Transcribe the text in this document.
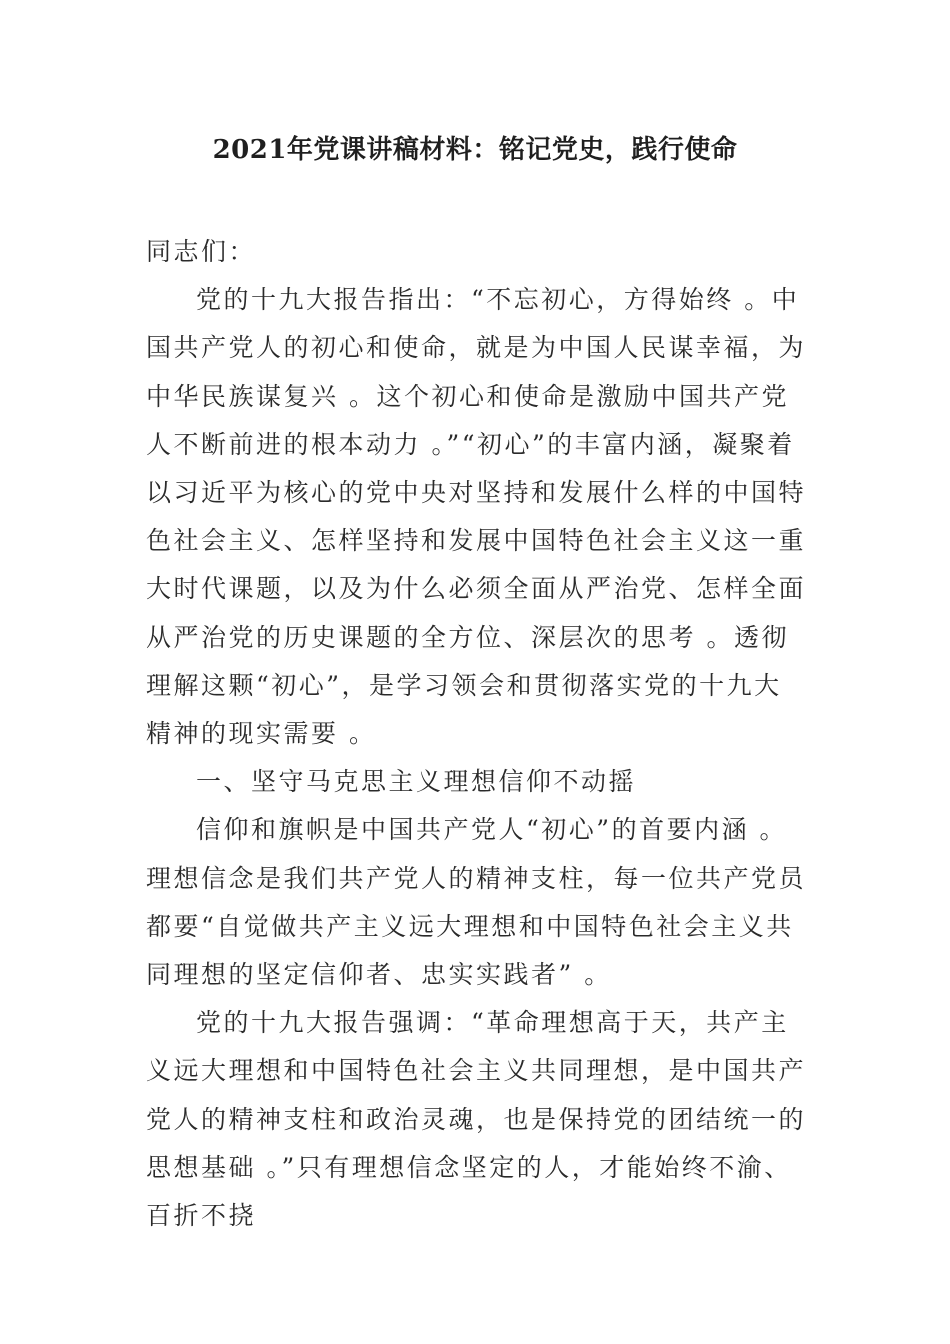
2021年党课讲稿材料：铭记党史，践行使命

同志们：

党的十九大报告指出：“不忘初心，方得始终 。中国共产党人的初心和使命，就是为中国人民谋幸福，为中华民族谋复兴 。这个初心和使命是激励中国共产党人不断前进的根本动力 。”“初心”的丰富内涵，凝聚着以习近平为核心的党中央对坚持和发展什么样的中国特色社会主义、怎样坚持和发展中国特色社会主义这一重大时代课题，以及为什么必须全面从严治党、怎样全面从严治党的历史课题的全方位、深层次的思考 。透彻理解这颗“初心”，是学习领会和贯彻落实党的十九大精神的现实需要 。

一、坚守马克思主义理想信仰不动摇

信仰和旗帜是中国共产党人“初心”的首要内涵 。理想信念是我们共产党人的精神支柱，每一位共产党员都要“自觉做共产主义远大理想和中国特色社会主义共同理想的坚定信仰者、忠实实践者” 。

党的十九大报告强调：“革命理想高于天，共产主义远大理想和中国特色社会主义共同理想，是中国共产党人的精神支柱和政治灵魂，也是保持党的团结统一的思想基础 。”只有理想信念坚定的人，才能始终不渝、百折不挠
